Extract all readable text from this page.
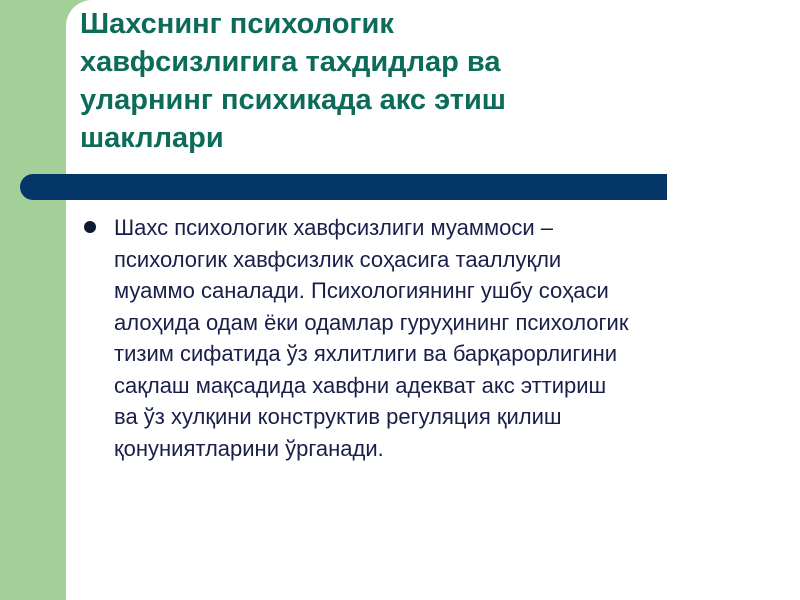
Шахснинг психологик
хавфсизлигига тахдидлар ва
уларнинг психикада акс этиш
шакллари

Шахс психологик хавфсизлиги муаммоси –
психологик хавфсизлик соҳасига тааллуқли
муаммо саналади. Психологиянинг ушбу соҳаси
алоҳида одам ёки одамлар гуруҳининг психологик
тизим сифатида ўз яхлитлиги ва барқарорлигини
сақлаш мақсадида хавфни адекват акс эттириш
ва ўз хулқини конструктив регуляция қилиш
қонуниятларини ўрганади.
